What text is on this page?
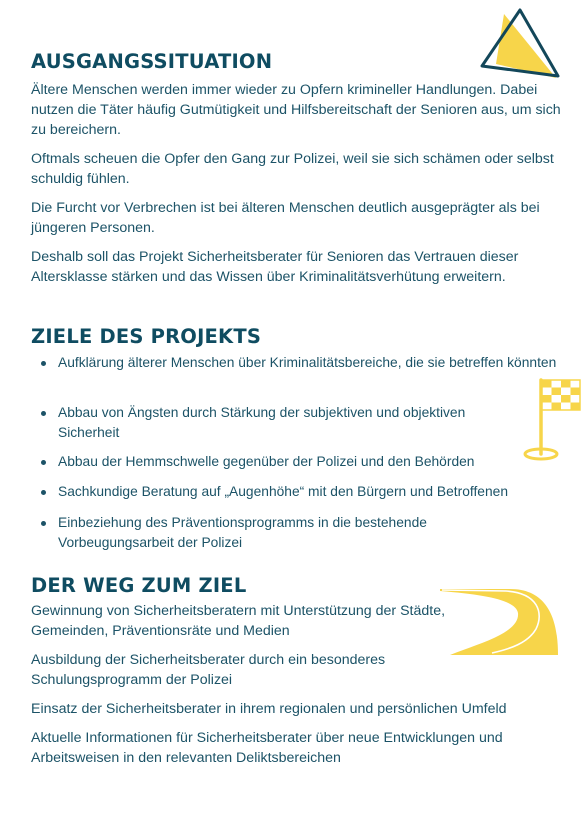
AUSGANGSSITUATION

Ältere Menschen werden immer wieder zu Opfern krimineller Handlungen. Dabei nutzen die Täter häufig Gutmütigkeit und Hilfsbereitschaft der Senioren aus, um sich zu bereichern.

Oftmals scheuen die Opfer den Gang zur Polizei, weil sie sich schämen oder selbst schuldig fühlen.

Die Furcht vor Verbrechen ist bei älteren Menschen deutlich ausgeprägter als bei jüngeren Personen.

Deshalb soll das Projekt Sicherheitsberater für Senioren das Vertrauen dieser Altersklasse stärken und das Wissen über Kriminalitätsverhütung erweitern.

ZIELE DES PROJEKTS
Aufklärung älterer Menschen über Kriminalitätsbereiche, die sie betreffen könnten
Abbau von Ängsten durch Stärkung der subjektiven und objektiven Sicherheit
Abbau der Hemmschwelle gegenüber der Polizei und den Behörden
Sachkundige Beratung auf „Augenhöhe“ mit den Bürgern und Betroffenen
Einbeziehung des Präventionsprogramms in die bestehende Vorbeugungsarbeit der Polizei
DER WEG ZUM ZIEL

Gewinnung von Sicherheitsberatern mit Unterstützung der Städte, Gemeinden, Präventionsräte und Medien

Ausbildung der Sicherheitsberater durch ein besonderes Schulungsprogramm der Polizei

Einsatz der Sicherheitsberater in ihrem regionalen und persönlichen Umfeld

Aktuelle Informationen für Sicherheitsberater über neue Entwicklungen und Arbeitsweisen in den relevanten Deliktsbereichen
